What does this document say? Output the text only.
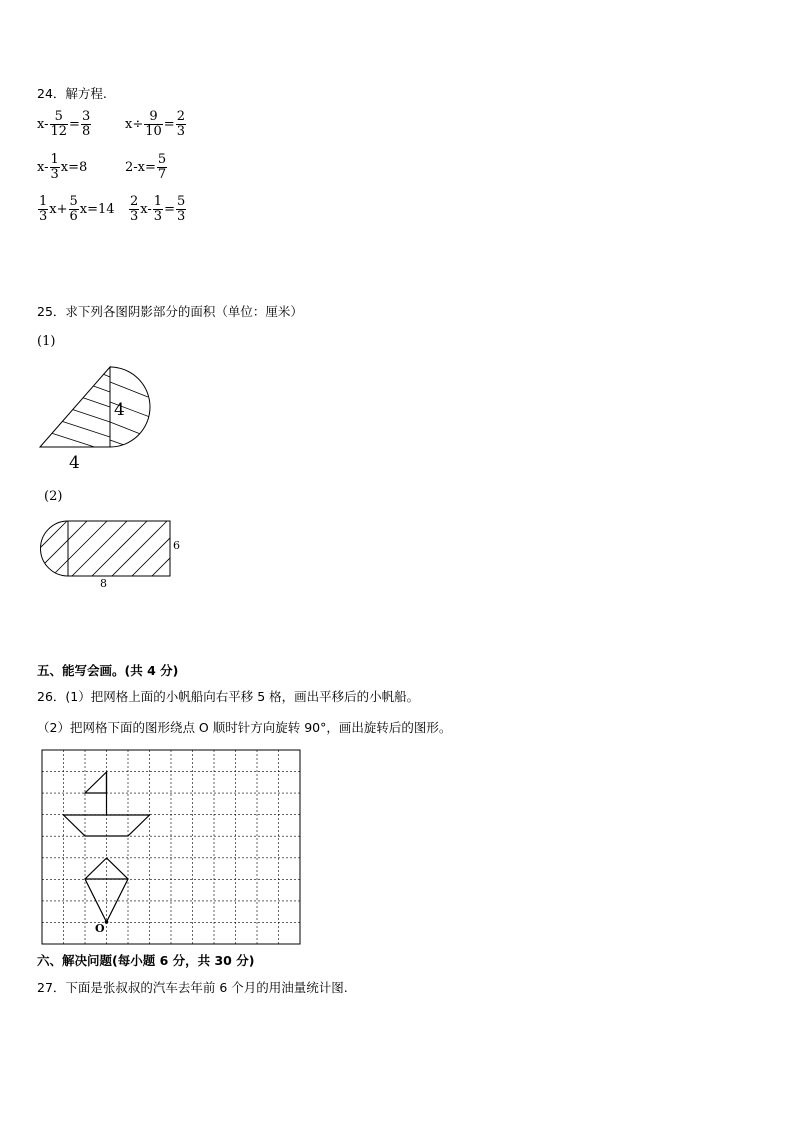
24．解方程.
$x- \frac{5}{12} = \frac{3}{8}$	$x\div \frac{9}{10} = \frac{2}{3}$
$x- \frac{1}{3} x=8$	$2-x= \frac{5}{7}$
$\frac{1}{3} x+ \frac{5}{6} x=14 \frac{2}{3} x- \frac{1}{3} = \frac{5}{3}$
25．求下列各图阴影部分的面积（单位：厘米）
(1)
4
4
(2)
6
8
五、能写会画。(共 4 分)
26．(1）把网格上面的小帆船向右平移 5 格，画出平移后的小帆船。
（2）把网格下面的图形绕点 O 顺时针方向旋转 90°，画出旋转后的图形。
O
六、解决问题(每小题 6 分，共 30 分)
27．下面是张叔叔的汽车去年前 6 个月的用油量统计图.
